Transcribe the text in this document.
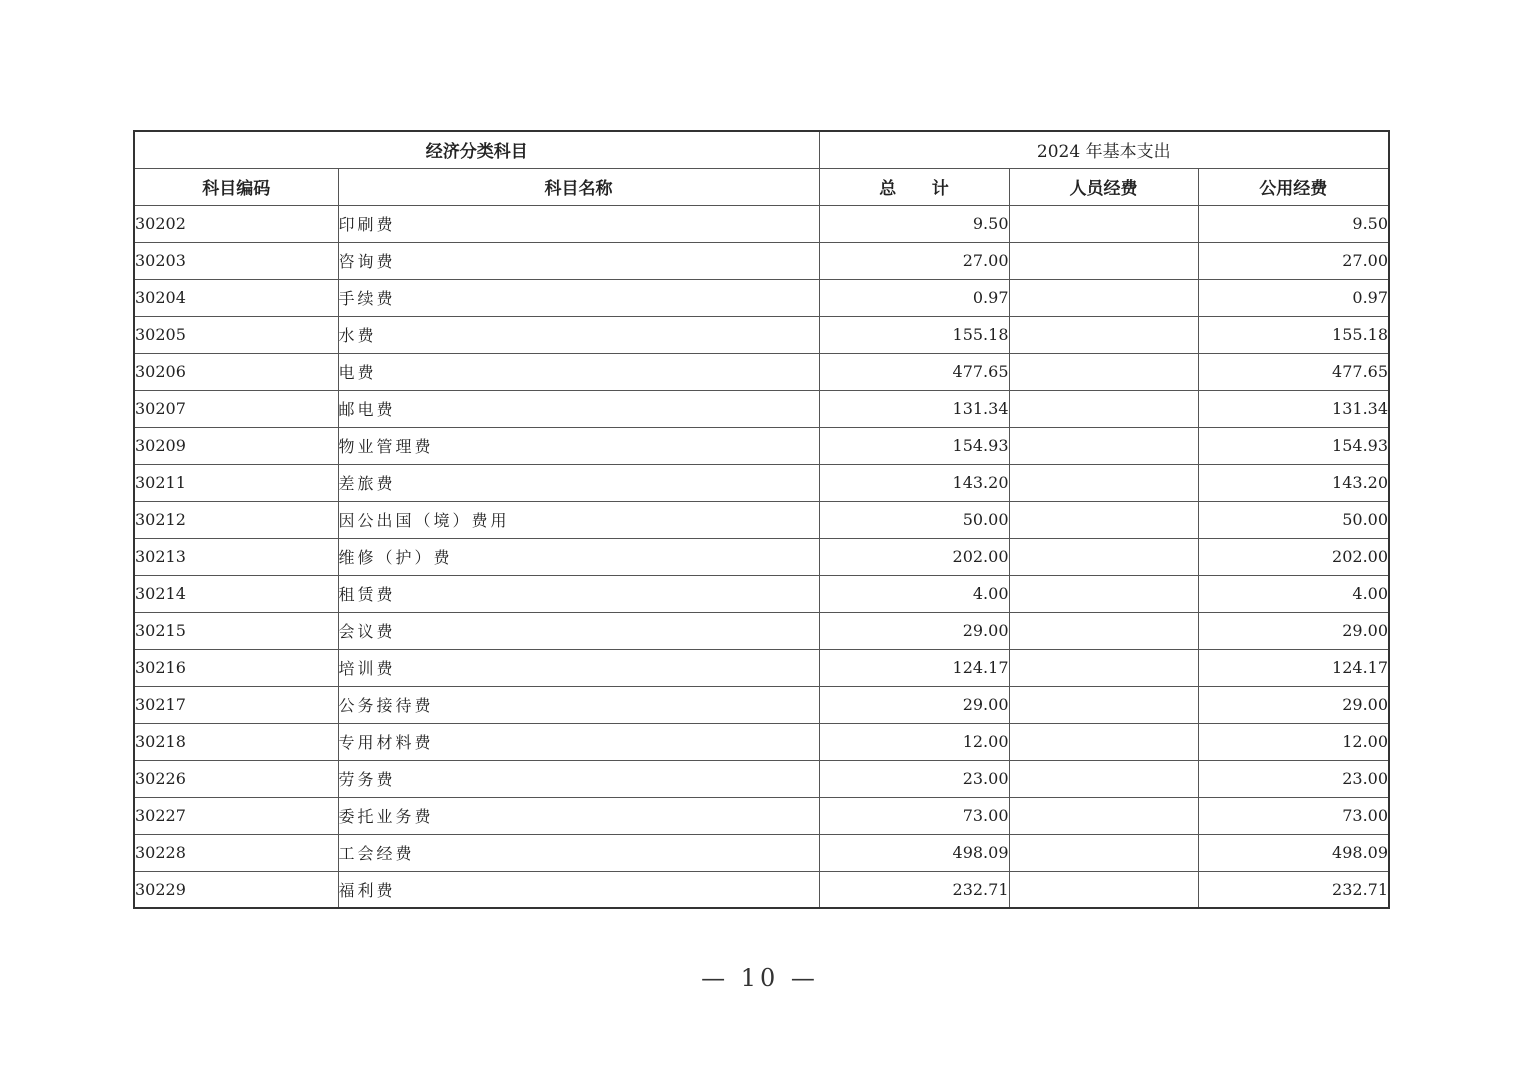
经济分类科目		2024 年基本支出		
科目编码	科目名称	总      计	人员经费	公用经费
30202	印刷费	9.50		9.50
30203	咨询费	27.00		27.00
30204	手续费	0.97		0.97
30205	水费	155.18		155.18
30206	电费	477.65		477.65
30207	邮电费	131.34		131.34
30209	物业管理费	154.93		154.93
30211	差旅费	143.20		143.20
30212	因公出国（境）费用	50.00		50.00
30213	维修（护）费	202.00		202.00
30214	租赁费	4.00		4.00
30215	会议费	29.00		29.00
30216	培训费	124.17		124.17
30217	公务接待费	29.00		29.00
30218	专用材料费	12.00		12.00
30226	劳务费	23.00		23.00
30227	委托业务费	73.00		73.00
30228	工会经费	498.09		498.09
30229	福利费	232.71		232.71
— 10 —
